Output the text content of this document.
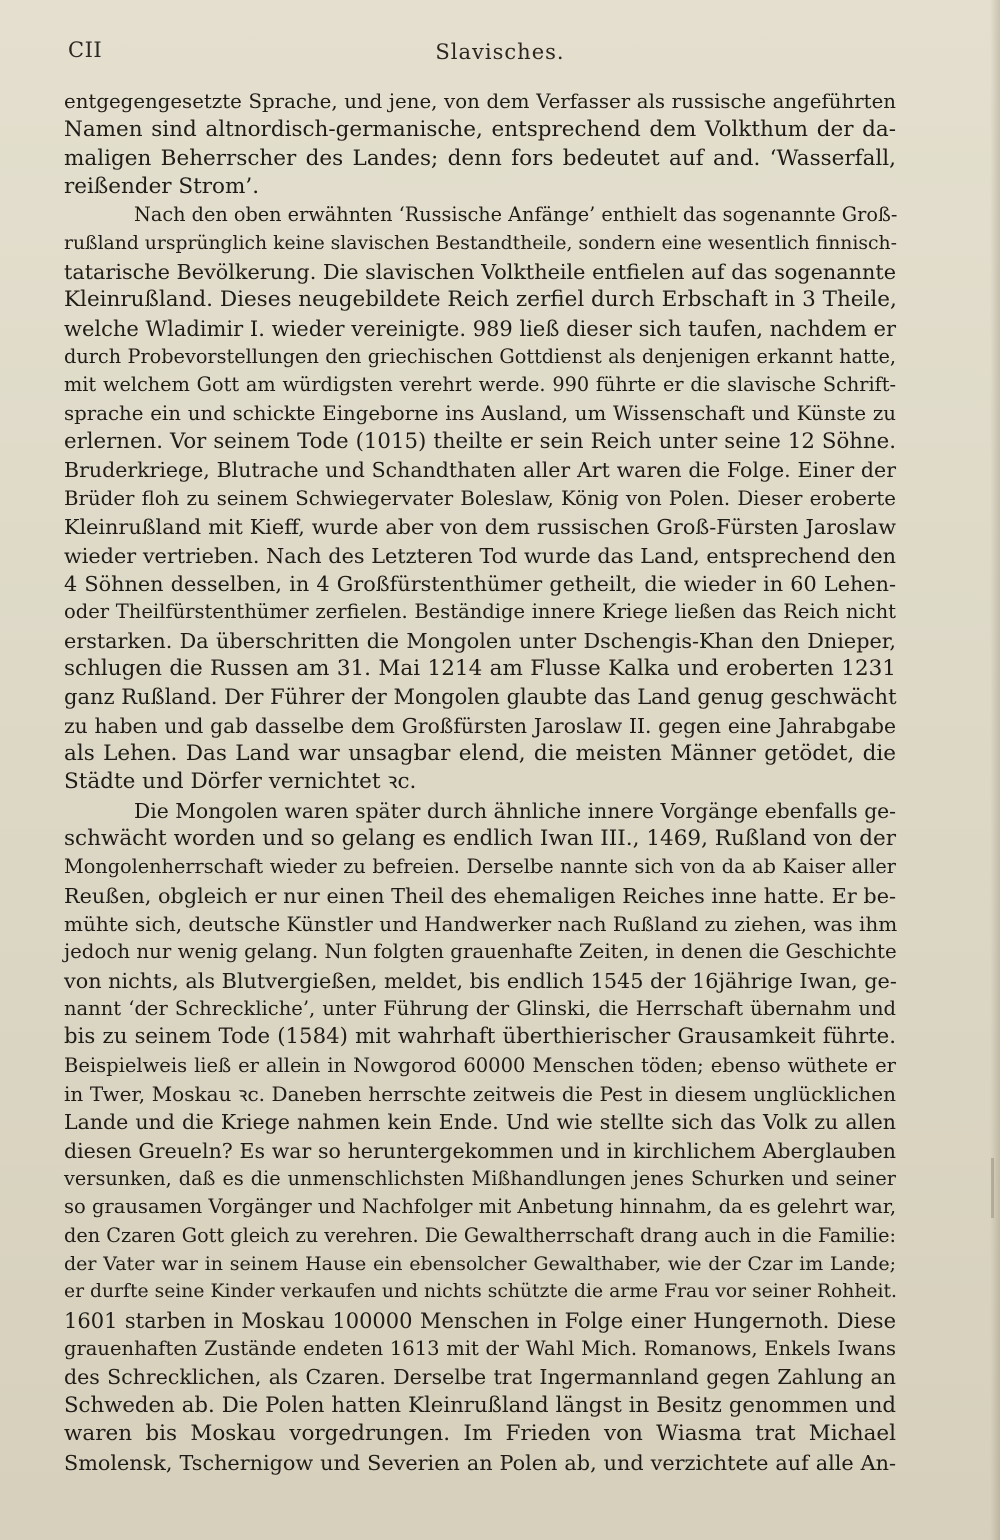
CII	Slavisches.
entgegengesetzte Sprache, und jene, von dem Verfasser als russische angeführten
Namen sind altnordisch-germanische, entsprechend dem Volkthum der da-
maligen Beherrscher des Landes; denn fors bedeutet auf and. ‘Wasserfall,
reißender Strom’.
Nach den oben erwähnten ‘Russische Anfänge’ enthielt das sogenannte Groß-
rußland ursprünglich keine slavischen Bestandtheile, sondern eine wesentlich finnisch-
tatarische Bevölkerung. Die slavischen Volktheile entfielen auf das sogenannte
Kleinrußland. Dieses neugebildete Reich zerfiel durch Erbschaft in 3 Theile,
welche Wladimir I. wieder vereinigte. 989 ließ dieser sich taufen, nachdem er
durch Probevorstellungen den griechischen Gottdienst als denjenigen erkannt hatte,
mit welchem Gott am würdigsten verehrt werde. 990 führte er die slavische Schrift-
sprache ein und schickte Eingeborne ins Ausland, um Wissenschaft und Künste zu
erlernen. Vor seinem Tode (1015) theilte er sein Reich unter seine 12 Söhne.
Bruderkriege, Blutrache und Schandthaten aller Art waren die Folge. Einer der
Brüder floh zu seinem Schwiegervater Boleslaw, König von Polen. Dieser eroberte
Kleinrußland mit Kieff, wurde aber von dem russischen Groß-Fürsten Jaroslaw
wieder vertrieben. Nach des Letzteren Tod wurde das Land, entsprechend den
4 Söhnen desselben, in 4 Großfürstenthümer getheilt, die wieder in 60 Lehen-
oder Theilfürstenthümer zerfielen. Beständige innere Kriege ließen das Reich nicht
erstarken. Da überschritten die Mongolen unter Dschengis-Khan den Dnieper,
schlugen die Russen am 31. Mai 1214 am Flusse Kalka und eroberten 1231
ganz Rußland. Der Führer der Mongolen glaubte das Land genug geschwächt
zu haben und gab dasselbe dem Großfürsten Jaroslaw II. gegen eine Jahrabgabe
als Lehen. Das Land war unsagbar elend, die meisten Männer getödet, die
Städte und Dörfer vernichtet ꝛc.
Die Mongolen waren später durch ähnliche innere Vorgänge ebenfalls ge-
schwächt worden und so gelang es endlich Iwan III., 1469, Rußland von der
Mongolenherrschaft wieder zu befreien. Derselbe nannte sich von da ab Kaiser aller
Reußen, obgleich er nur einen Theil des ehemaligen Reiches inne hatte. Er be-
mühte sich, deutsche Künstler und Handwerker nach Rußland zu ziehen, was ihm
jedoch nur wenig gelang. Nun folgten grauenhafte Zeiten, in denen die Geschichte
von nichts, als Blutvergießen, meldet, bis endlich 1545 der 16jährige Iwan, ge-
nannt ‘der Schreckliche’, unter Führung der Glinski, die Herrschaft übernahm und
bis zu seinem Tode (1584) mit wahrhaft überthierischer Grausamkeit führte.
Beispielweis ließ er allein in Nowgorod 60000 Menschen töden; ebenso wüthete er
in Twer, Moskau ꝛc. Daneben herrschte zeitweis die Pest in diesem unglücklichen
Lande und die Kriege nahmen kein Ende. Und wie stellte sich das Volk zu allen
diesen Greueln? Es war so heruntergekommen und in kirchlichem Aberglauben
versunken, daß es die unmenschlichsten Mißhandlungen jenes Schurken und seiner
so grausamen Vorgänger und Nachfolger mit Anbetung hinnahm, da es gelehrt war,
den Czaren Gott gleich zu verehren. Die Gewaltherrschaft drang auch in die Familie:
der Vater war in seinem Hause ein ebensolcher Gewalthaber, wie der Czar im Lande;
er durfte seine Kinder verkaufen und nichts schützte die arme Frau vor seiner Rohheit.
1601 starben in Moskau 100000 Menschen in Folge einer Hungernoth. Diese
grauenhaften Zustände endeten 1613 mit der Wahl Mich. Romanows, Enkels Iwans
des Schrecklichen, als Czaren. Derselbe trat Ingermannland gegen Zahlung an
Schweden ab. Die Polen hatten Kleinrußland längst in Besitz genommen und
waren bis Moskau vorgedrungen. Im Frieden von Wiasma trat Michael
Smolensk, Tschernigow und Severien an Polen ab, und verzichtete auf alle An-
